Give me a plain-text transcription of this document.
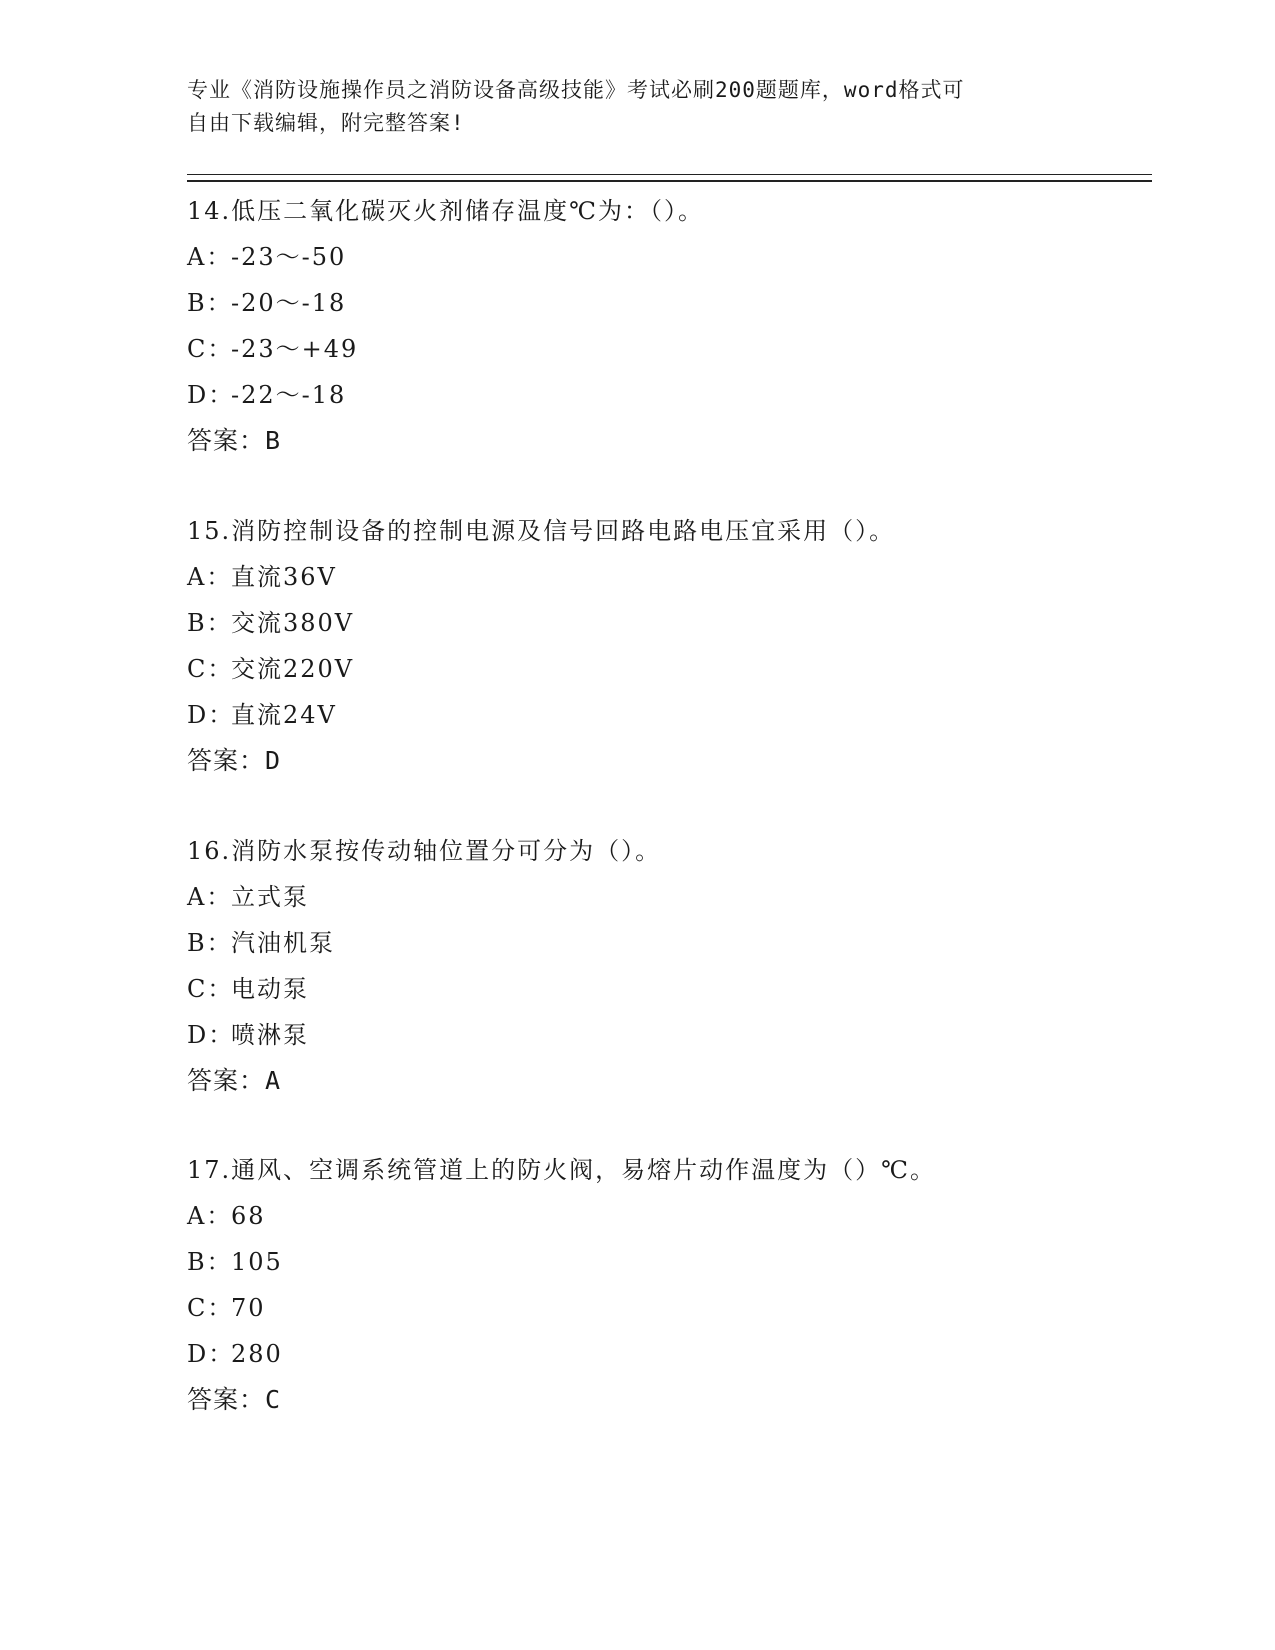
专业《消防设施操作员之消防设备高级技能》考试必刷200题题库，word格式可
自由下载编辑，附完整答案!
14.低压二氧化碳灭火剂储存温度℃为：（）。
A：-23～-50
B：-20～-18
C：-23～+49
D：-22～-18
答案：B
15.消防控制设备的控制电源及信号回路电路电压宜采用（）。
A：直流36V
B：交流380V
C：交流220V
D：直流24V
答案：D
16.消防水泵按传动轴位置分可分为（）。
A：立式泵
B：汽油机泵
C：电动泵
D：喷淋泵
答案：A
17.通风、空调系统管道上的防火阀，易熔片动作温度为（）℃。
A：68
B：105
C：70
D：280
答案：C
